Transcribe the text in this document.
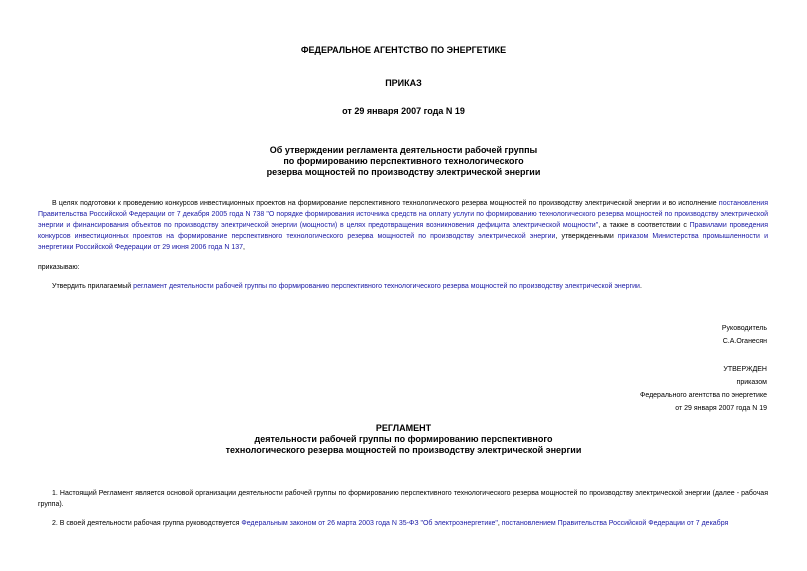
ФЕДЕРАЛЬНОЕ АГЕНТСТВО ПО ЭНЕРГЕТИКЕ
ПРИКАЗ
от 29 января 2007 года N 19
Об утверждении регламента деятельности рабочей группы
по формированию перспективного технологического
резерва мощностей по производству электрической энергии
В целях подготовки к проведению конкурсов инвестиционных проектов на формирование перспективного технологического резерва мощностей по производству электрической энергии и во исполнение постановления Правительства Российской Федерации от 7 декабря 2005 года N 738 "О порядке формирования источника средств на оплату услуги по формированию технологического резерва мощностей по производству электрической энергии и финансирования объектов по производству электрической энергии (мощности) в целях предотвращения возникновения дефицита электрической мощности", а также в соответствии с Правилами проведения конкурсов инвестиционных проектов на формирование перспективного технологического резерва мощностей по производству электрической энергии, утвержденными приказом Министерства промышленности и энергетики Российской Федерации от 29 июня 2006 года N 137,
приказываю:
Утвердить прилагаемый регламент деятельности рабочей группы по формированию перспективного технологического резерва мощностей по производству электрической энергии.
Руководитель
С.А.Оганесян
УТВЕРЖДЕН
приказом
Федерального агентства по энергетике
от 29 января 2007 года N 19
РЕГЛАМЕНТ
деятельности рабочей группы по формированию перспективного
технологического резерва мощностей по производству электрической энергии
1. Настоящий Регламент является основой организации деятельности рабочей группы по формированию перспективного технологического резерва мощностей по производству электрической энергии (далее - рабочая группа).
2. В своей деятельности рабочая группа руководствуется Федеральным законом от 26 марта 2003 года N 35-ФЗ "Об электроэнергетике", постановлением Правительства Российской Федерации от 7 декабря
